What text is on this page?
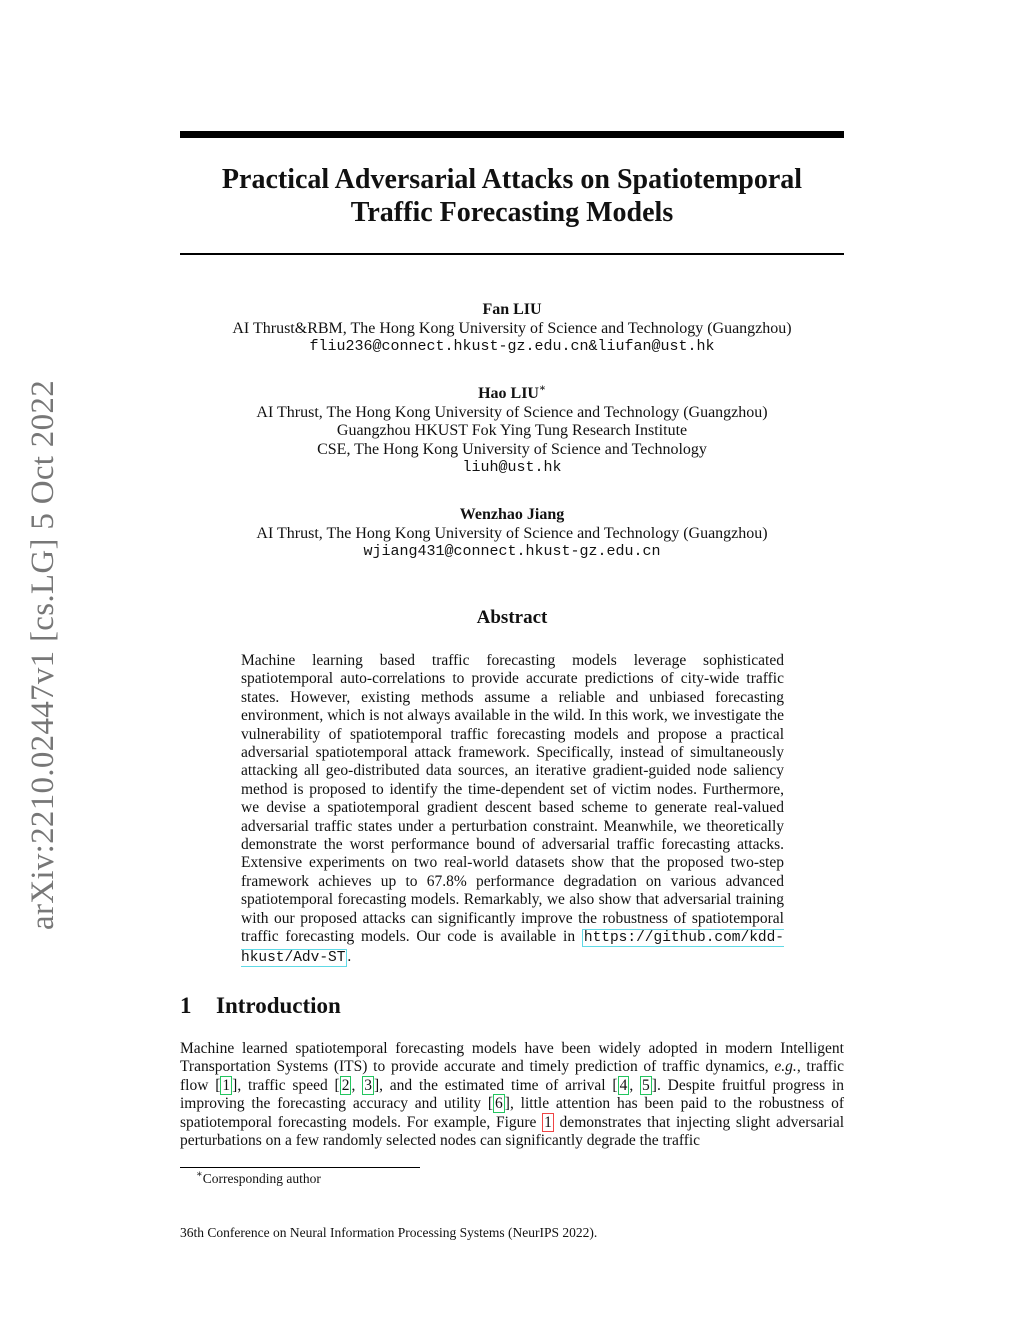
arXiv:2210.02447v1 [cs.LG] 5 Oct 2022
Practical Adversarial Attacks on Spatiotemporal
Traffic Forecasting Models
Fan LIU
AI Thrust&RBM, The Hong Kong University of Science and Technology (Guangzhou)
fliu236@connect.hkust-gz.edu.cn&liufan@ust.hk
Hao LIU∗
AI Thrust, The Hong Kong University of Science and Technology (Guangzhou)
Guangzhou HKUST Fok Ying Tung Research Institute
CSE, The Hong Kong University of Science and Technology
liuh@ust.hk
Wenzhao Jiang
AI Thrust, The Hong Kong University of Science and Technology (Guangzhou)
wjiang431@connect.hkust-gz.edu.cn
Abstract
Machine learning based traffic forecasting models leverage sophisticated spatiotemporal auto-correlations to provide accurate predictions of city-wide traffic states. However, existing methods assume a reliable and unbiased forecasting environment, which is not always available in the wild. In this work, we investigate the vulnerability of spatiotemporal traffic forecasting models and propose a practical adversarial spatiotemporal attack framework. Specifically, instead of simultaneously attacking all geo-distributed data sources, an iterative gradient-guided node saliency method is proposed to identify the time-dependent set of victim nodes. Furthermore, we devise a spatiotemporal gradient descent based scheme to generate real-valued adversarial traffic states under a perturbation constraint. Meanwhile, we theoretically demonstrate the worst performance bound of adversarial traffic forecasting attacks. Extensive experiments on two real-world datasets show that the proposed two-step framework achieves up to 67.8% performance degradation on various advanced spatiotemporal forecasting models. Remarkably, we also show that adversarial training with our proposed attacks can significantly improve the robustness of spatiotemporal traffic forecasting models. Our code is available in https://github.com/kdd-hkust/Adv-ST .
1 Introduction
Machine learned spatiotemporal forecasting models have been widely adopted in modern Intelligent Transportation Systems (ITS) to provide accurate and timely prediction of traffic dynamics, e.g., traffic flow [ 1 ], traffic speed [ 2 , 3 ], and the estimated time of arrival [ 4 , 5 ]. Despite fruitful progress in improving the forecasting accuracy and utility [ 6 ], little attention has been paid to the robustness of spatiotemporal forecasting models. For example, Figure 1 demonstrates that injecting slight adversarial perturbations on a few randomly selected nodes can significantly degrade the traffic
∗Corresponding author
36th Conference on Neural Information Processing Systems (NeurIPS 2022).
